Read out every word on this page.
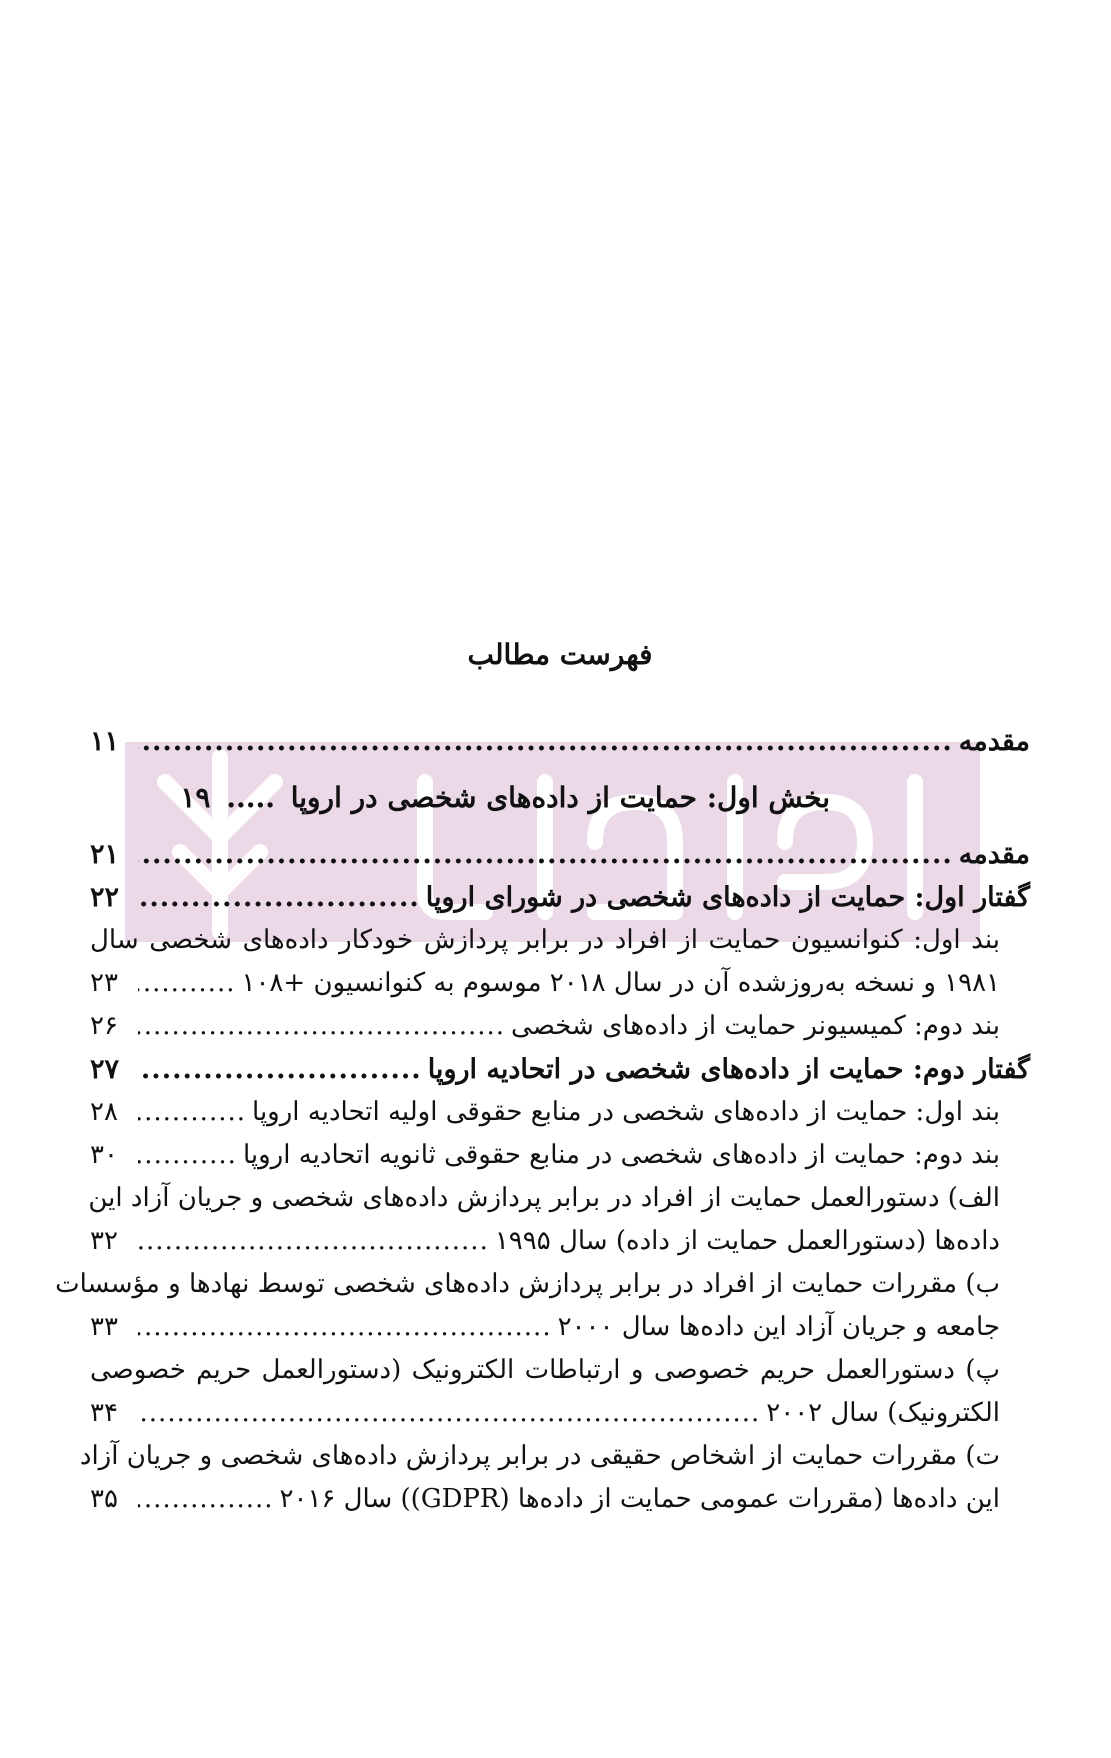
فهرست مطالب
مقدمه
.....
۱۱
بخش اول: حمایت از داده‌های شخصی در اروپا ..... ۱۹
مقدمه
.....
۲۱
گفتار اول: حمایت از داده‌های شخصی در شورای اروپا
.....
۲۲
بند اول: کنوانسیون حمایت از افراد در برابر پردازش خودکار داده‌های شخصی سال
۱۹۸۱ و نسخه به‌روزشده آن در سال ۲۰۱۸ موسوم به کنوانسیون +۱۰۸
.....
۲۳
بند دوم: کمیسیونر حمایت از داده‌های شخصی
.....
۲۶
گفتار دوم: حمایت از داده‌های شخصی در اتحادیه اروپا
.....
۲۷
بند اول: حمایت از داده‌های شخصی در منابع حقوقی اولیه اتحادیه اروپا
.....
۲۸
بند دوم: حمایت از داده‌های شخصی در منابع حقوقی ثانویه اتحادیه اروپا
.....
۳۰
الف) دستورالعمل حمایت از افراد در برابر پردازش داده‌های شخصی و جریان آزاد این
داده‌ها (دستورالعمل حمایت از داده) سال ۱۹۹۵
.....
۳۲
ب) مقررات حمایت از افراد در برابر پردازش داده‌های شخصی توسط نهادها و مؤسسات
جامعه و جریان آزاد این داده‌ها سال ۲۰۰۰
.....
۳۳
پ) دستورالعمل حریم خصوصی و ارتباطات الکترونیک (دستورالعمل حریم خصوصی
الکترونیک) سال ۲۰۰۲
.....
۳۴
ت) مقررات حمایت از اشخاص حقیقی در برابر پردازش داده‌های شخصی و جریان آزاد
این داده‌ها (مقررات عمومی حمایت از داده‌ها (GDPR)) سال ۲۰۱۶
.....
۳۵
